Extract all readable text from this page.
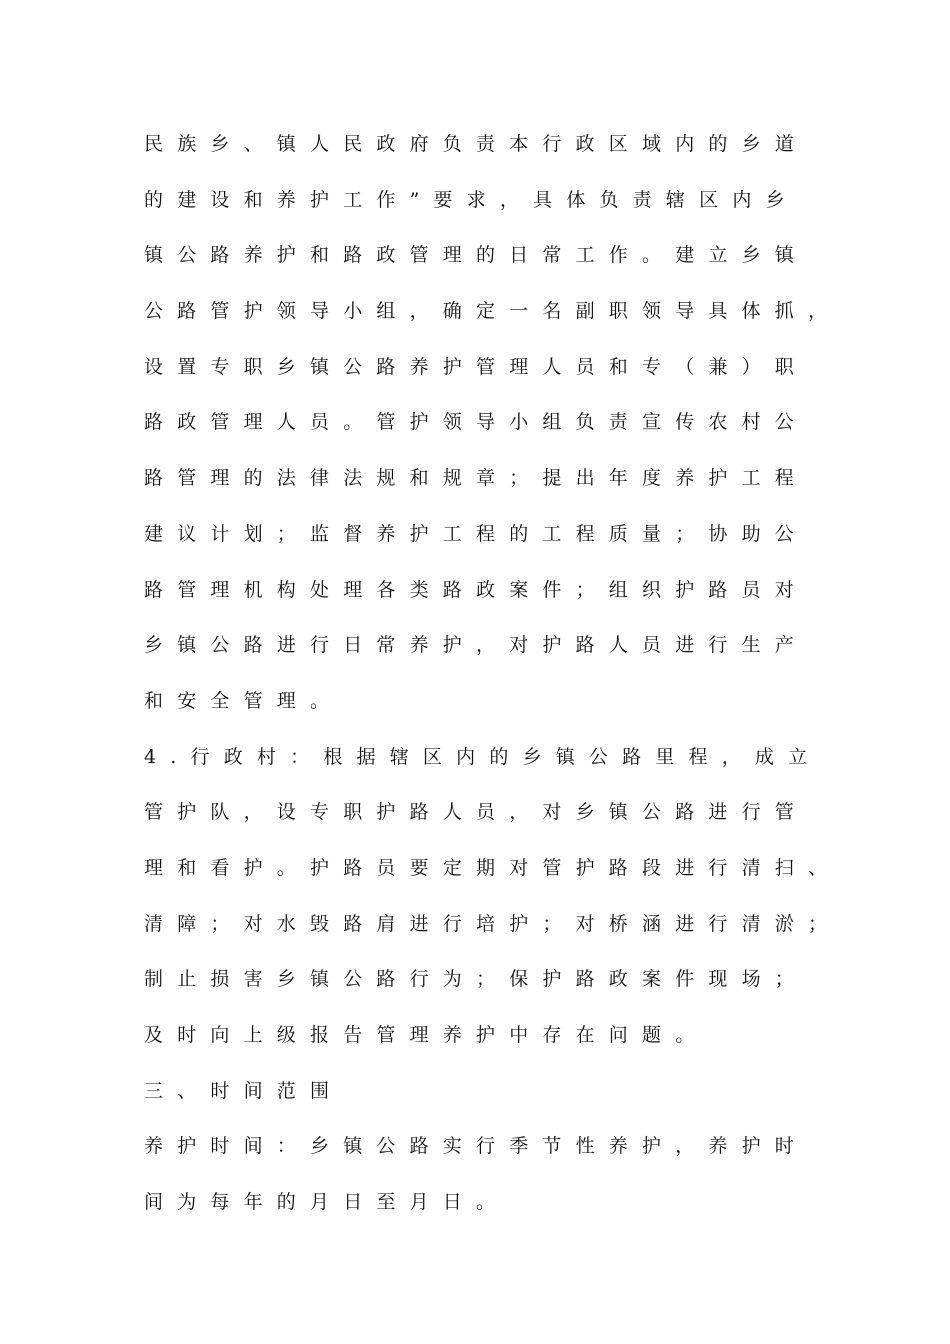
民族乡、镇人民政府负责本行政区域内的乡道
的建设和养护工作”要求，具体负责辖区内乡
镇公路养护和路政管理的日常工作。建立乡镇
公路管护领导小组，确定一名副职领导具体抓，
设置专职乡镇公路养护管理人员和专（兼）职
路政管理人员。管护领导小组负责宣传农村公
路管理的法律法规和规章；提出年度养护工程
建议计划；监督养护工程的工程质量；协助公
路管理机构处理各类路政案件；组织护路员对
乡镇公路进行日常养护，对护路人员进行生产
和安全管理。
4.行政村：根据辖区内的乡镇公路里程，成立
管护队，设专职护路人员，对乡镇公路进行管
理和看护。护路员要定期对管护路段进行清扫、
清障；对水毁路肩进行培护；对桥涵进行清淤；
制止损害乡镇公路行为；保护路政案件现场；
及时向上级报告管理养护中存在问题。
三、时间范围
养护时间：乡镇公路实行季节性养护，养护时
间为每年的月日至月日。
